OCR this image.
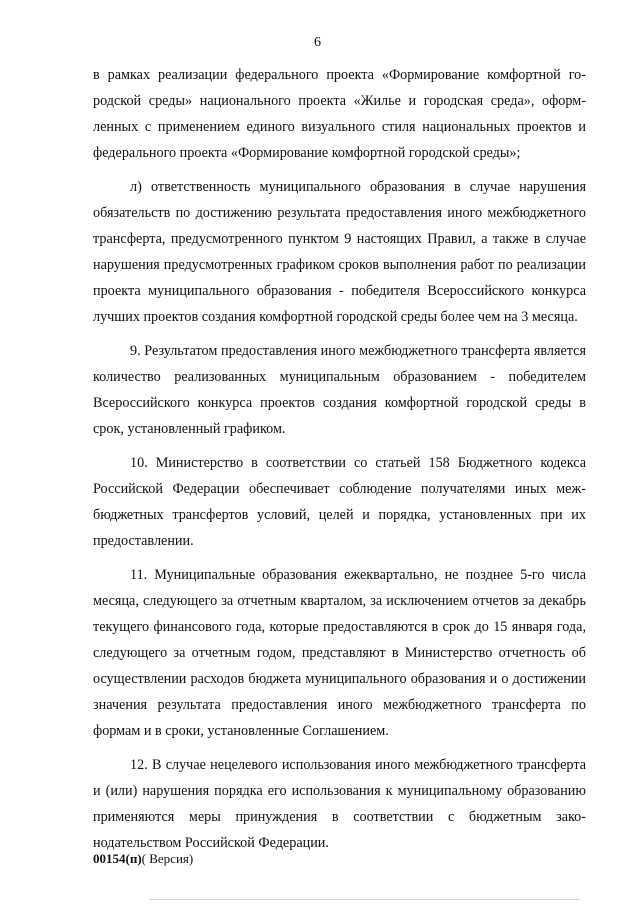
6

в рамках реализации федерального проекта «Формирование комфортной городской среды» национального проекта «Жилье и городская среда», оформленных с применением единого визуального стиля национальных проектов и федерального проекта «Формирование комфортной городской среды»;

л) ответственность муниципального образования в случае нарушения обязательств по достижению результата предоставления иного межбюджетного трансферта, предусмотренного пунктом 9 настоящих Правил, а также в случае нарушения предусмотренных графиком сроков выполнения работ по реализации проекта муниципального образования - победителя Всероссийского конкурса лучших проектов создания комфортной городской среды более чем на 3 месяца.

9. Результатом предоставления иного межбюджетного трансферта является количество реализованных муниципальным образованием - победителем Всероссийского конкурса проектов создания комфортной городской среды в срок, установленный графиком.

10. Министерство в соответствии со статьей 158 Бюджетного кодекса Российской Федерации обеспечивает соблюдение получателями иных межбюджетных трансфертов условий, целей и порядка, установленных при их предоставлении.

11. Муниципальные образования ежеквартально, не позднее 5-го числа месяца, следующего за отчетным кварталом, за исключением отчетов за декабрь текущего финансового года, которые предоставляются в срок до 15 января года, следующего за отчетным годом, представляют в Министерство отчетность об осуществлении расходов бюджета муниципального образования и о достижении значения результата предоставления иного межбюджетного трансферта по формам и в сроки, установленные Соглашением.

12. В случае нецелевого использования иного межбюджетного трансферта и (или) нарушения порядка его использования к муниципальному образованию применяются меры принуждения в соответствии с бюджетным законодательством Российской Федерации.

00154(п)( Версия)
